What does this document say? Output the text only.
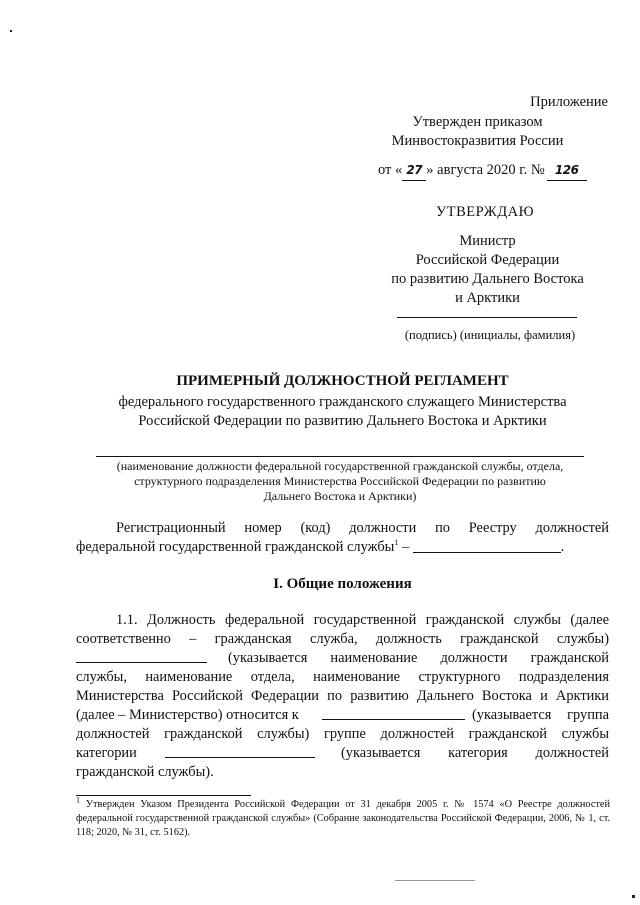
Приложение
Утвержден приказом
Минвостокразвития России
от « 27 » августа 2020 г. № 126
УТВЕРЖДАЮ
Министр
Российской Федерации
по развитию Дальнего Востока
и Арктики
(подпись) (инициалы, фамилия)
ПРИМЕРНЫЙ ДОЛЖНОСТНОЙ РЕГЛАМЕНТ
федерального государственного гражданского служащего Министерства
Российской Федерации по развитию Дальнего Востока и Арктики
(наименование должности федеральной государственной гражданской службы, отдела,
структурного подразделения Министерства Российской Федерации по развитию
Дальнего Востока и Арктики)
Регистрационный номер (код) должности по Реестру должностей
федеральной государственной гражданской службы$^1$ –	.
I. Общие положения
1.1. Должность федеральной государственной гражданской службы (далее
соответственно – гражданская служба, должность гражданской службы)
(указывается наименование должности гражданской
службы, наименование отдела, наименование структурного подразделения
Министерства Российской Федерации по развитию Дальнего Востока и Арктики
(далее – Министерство) относится к	(указывается группа
должностей гражданской службы) группе должностей гражданской службы
категории	(указывается категория должностей
гражданской службы).
$^1$ Утвержден Указом Президента Российской Федерации от 31 декабря 2005 г. № 1574 «О Реестре должностей федеральной государственной гражданской службы» (Собрание законодательства Российской Федерации, 2006, № 1, ст. 118; 2020, № 31, ст. 5162).
